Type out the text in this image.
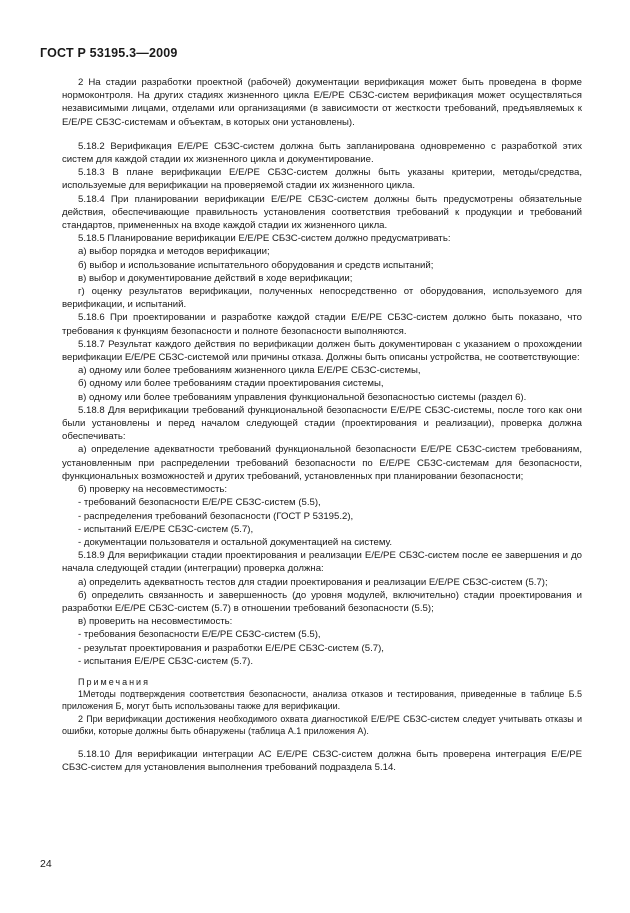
ГОСТ Р 53195.3—2009

2 На стадии разработки проектной (рабочей) документации верификация может быть проведена в форме нормоконтроля. На других стадиях жизненного цикла Е/Е/РЕ СБЗС-систем верификация может осуществляться независимыми лицами, отделами или организациями (в зависимости от жесткости требований, предъявляемых к Е/Е/РЕ СБЗС-системам и объектам, в которых они установлены).

5.18.2 Верификация Е/Е/РЕ СБЗС-систем должна быть запланирована одновременно с разработкой этих систем для каждой стадии их жизненного цикла и документирование.

5.18.3 В плане верификации Е/Е/РЕ СБЗС-систем должны быть указаны критерии, методы/средства, используемые для верификации на проверяемой стадии их жизненного цикла.

5.18.4 При планировании верификации Е/Е/РЕ СБЗС-систем должны быть предусмотрены обязательные действия, обеспечивающие правильность установления соответствия требований к продукции и требований стандартов, примененных на входе каждой стадии их жизненного цикла.

5.18.5 Планирование верификации Е/Е/РЕ СБЗС-систем должно предусматривать:

а) выбор порядка и методов верификации;

б) выбор и использование испытательного оборудования и средств испытаний;

в) выбор и документирование действий в ходе верификации;

г) оценку результатов верификации, полученных непосредственно от оборудования, используемого для верификации, и испытаний.

5.18.6 При проектировании и разработке каждой стадии Е/Е/РЕ СБЗС-систем должно быть показано, что требования к функциям безопасности и полноте безопасности выполняются.

5.18.7 Результат каждого действия по верификации должен быть документирован с указанием о прохождении верификации Е/Е/РЕ СБЗС-системой или причины отказа. Должны быть описаны устройства, не соответствующие:

а) одному или более требованиям жизненного цикла Е/Е/РЕ СБЗС-системы,

б) одному или более требованиям стадии проектирования системы,

в) одному или более требованиям управления функциональной безопасностью системы (раздел 6).

5.18.8 Для верификации требований функциональной безопасности Е/Е/РЕ СБЗС-системы, после того как они были установлены и перед началом следующей стадии (проектирования и реализации), проверка должна обеспечивать:

а) определение адекватности требований функциональной безопасности Е/Е/РЕ СБЗС-систем требованиям, установленным при распределении требований безопасности по Е/Е/РЕ СБЗС-системам для безопасности, функциональных возможностей и других требований, установленных при планировании безопасности;

б) проверку на несовместимость:

- требований безопасности Е/Е/РЕ СБЗС-систем (5.5),

- распределения требований безопасности (ГОСТ Р 53195.2),

- испытаний Е/Е/РЕ СБЗС-систем (5.7),

- документации пользователя и остальной документацией на систему.

5.18.9 Для верификации стадии проектирования и реализации Е/Е/РЕ СБЗС-систем после ее завершения и до начала следующей стадии (интеграции) проверка должна:

а) определить адекватность тестов для стадии проектирования и реализации Е/Е/РЕ СБЗС-систем (5.7);

б) определить связанность и завершенность (до уровня модулей, включительно) стадии проектирования и разработки Е/Е/РЕ СБЗС-систем (5.7) в отношении требований безопасности (5.5);

в) проверить на несовместимость:

- требования безопасности Е/Е/РЕ СБЗС-систем (5.5),

- результат проектирования и разработки Е/Е/РЕ СБЗС-систем (5.7),

- испытания Е/Е/РЕ СБЗС-систем (5.7).

Примечания

1Методы подтверждения соответствия безопасности, анализа отказов и тестирования, приведенные в таблице Б.5 приложения Б, могут быть использованы также для верификации.

2 При верификации достижения необходимого охвата диагностикой Е/Е/РЕ СБЗС-систем следует учитывать отказы и ошибки, которые должны быть обнаружены (таблица А.1 приложения А).

5.18.10 Для верификации интеграции АС Е/Е/РЕ СБЗС-систем должна быть проверена интеграция Е/Е/РЕ СБЗС-систем для установления выполнения требований подраздела 5.14.

24
